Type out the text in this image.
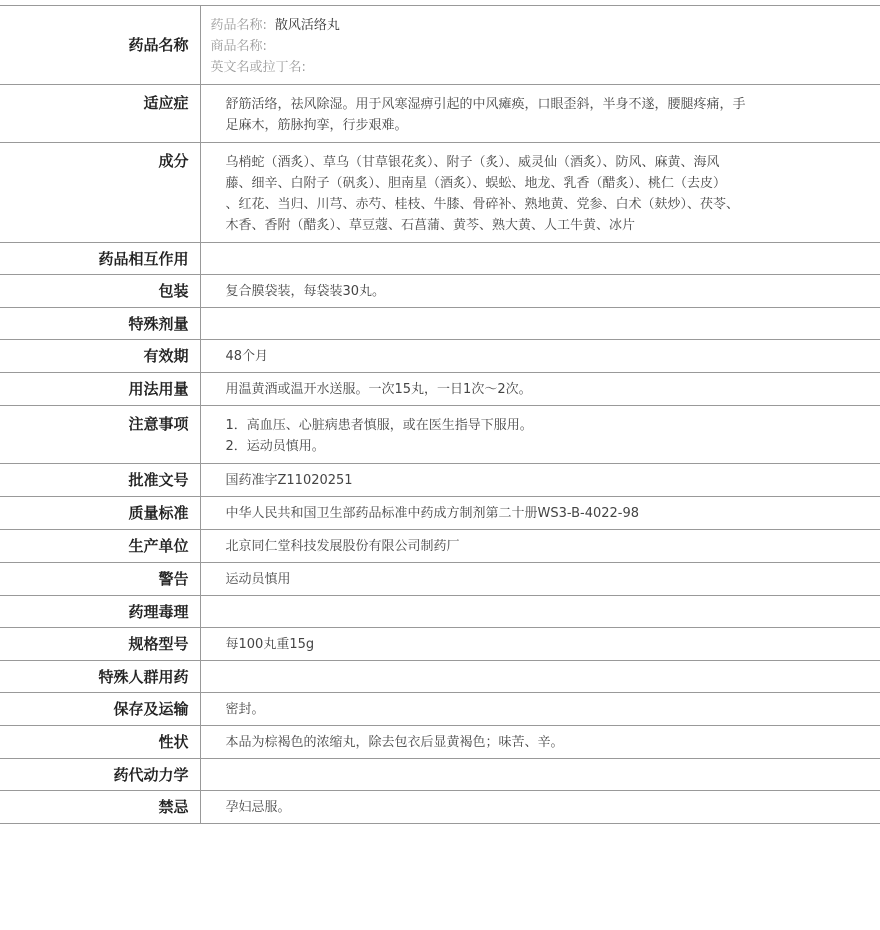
药品名称	药品名称: 散风活络丸
商品名称:
英文名或拉丁名:

适应症	舒筋活络，祛风除湿。用于风寒湿痹引起的中风瘫痪，口眼歪斜，半身不遂，腰腿疼痛，手
足麻木，筋脉拘挛，行步艰难。

成分	乌梢蛇（酒炙）、草乌（甘草银花炙）、附子（炙）、威灵仙（酒炙）、防风、麻黄、海风
藤、细辛、白附子（矾炙）、胆南星（酒炙）、蜈蚣、地龙、乳香（醋炙）、桃仁（去皮）
、红花、当归、川芎、赤芍、桂枝、牛膝、骨碎补、熟地黄、党参、白术（麸炒）、茯苓、
木香、香附（醋炙）、草豆蔻、石菖蒲、黄芩、熟大黄、人工牛黄、冰片

药品相互作用	
包装	复合膜袋装，每袋装30丸。
特殊剂量	
有效期	48个月
用法用量	用温黄酒或温开水送服。一次15丸，一日1次～2次。
注意事项	1．高血压、心脏病患者慎服，或在医生指导下服用。
2．运动员慎用。

批准文号	国药准字Z11020251
质量标准	中华人民共和国卫生部药品标准中药成方制剂第二十册WS3-B-4022-98
生产单位	北京同仁堂科技发展股份有限公司制药厂
警告	运动员慎用
药理毒理	
规格型号	每100丸重15g
特殊人群用药	
保存及运输	密封。
性状	本品为棕褐色的浓缩丸，除去包衣后显黄褐色；味苦、辛。
药代动力学	
禁忌	孕妇忌服。
